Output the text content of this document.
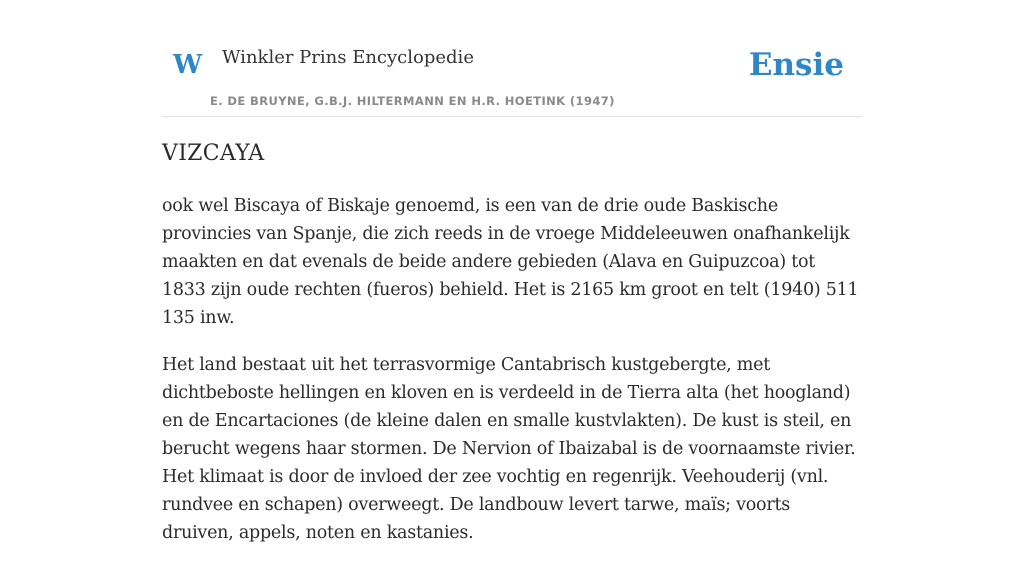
W Winkler Prins Encyclopedie
E. DE BRUYNE, G.B.J. HILTERMANN EN H.R. HOETINK (1947)
Ensie
VIZCAYA

ook wel Biscaya of Biskaje genoemd, is een van de drie oude Baskische provincies van Spanje, die zich reeds in de vroege Middeleeuwen onafhankelijk maakten en dat evenals de beide andere gebieden (Alava en Guipuzcoa) tot 1833 zijn oude rechten (fueros) behield. Het is 2165 km groot en telt (1940) 511 135 inw.

Het land bestaat uit het terrasvormige Cantabrisch kustgebergte, met dichtbeboste hellingen en kloven en is verdeeld in de Tierra alta (het hoogland) en de Encartaciones (de kleine dalen en smalle kustvlakten). De kust is steil, en berucht wegens haar stormen. De Nervion of Ibaizabal is de voornaamste rivier. Het klimaat is door de invloed der zee vochtig en regenrijk. Veehouderij (vnl. rundvee en schapen) overweegt. De landbouw levert tarwe, maïs; voorts druiven, appels, noten en kastanies.
